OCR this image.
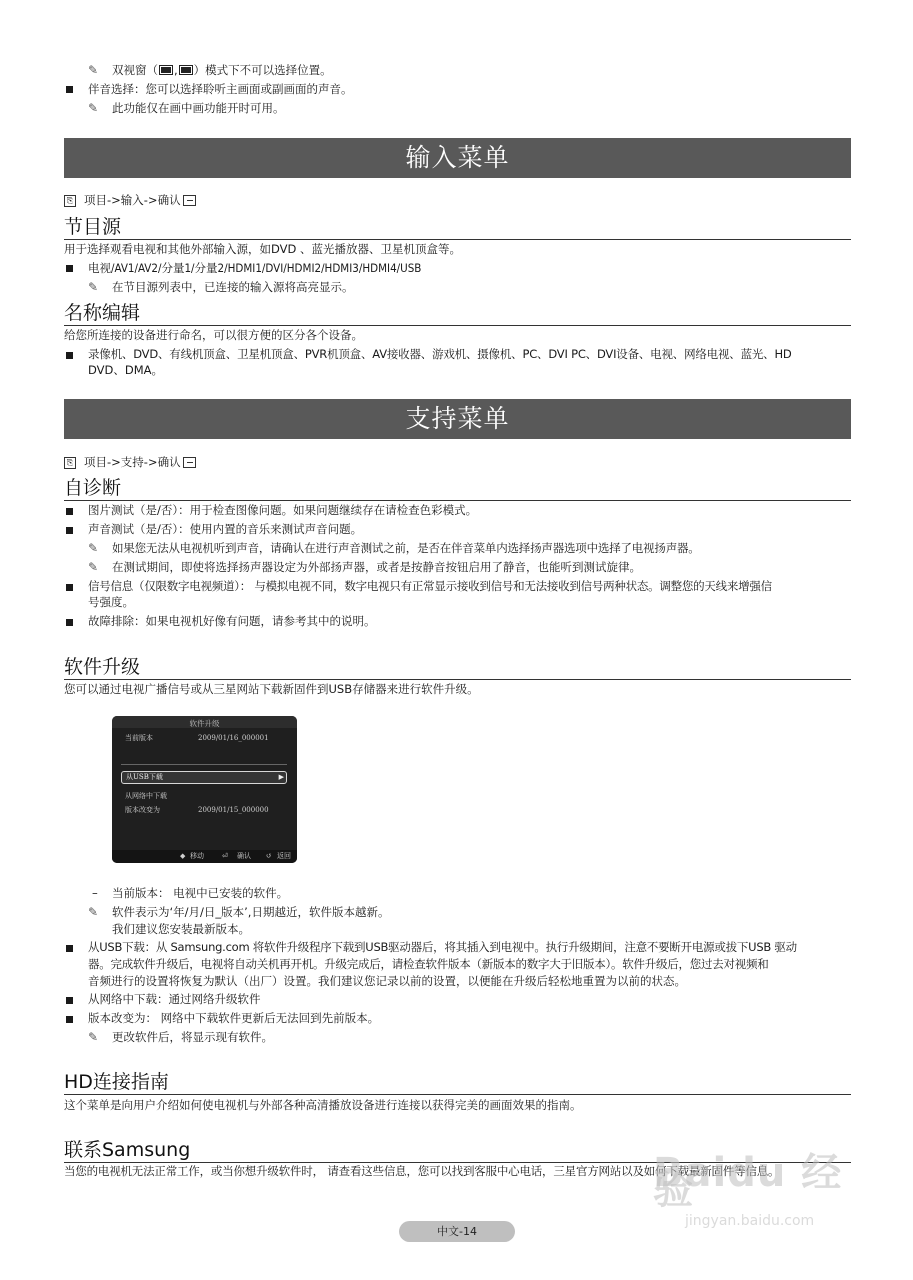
✎ 双视窗（ , ）模式下不可以选择位置。
伴音选择：您可以选择聆听主画面或副画面的声音。
✎ 此功能仅在画中画功能开时可用。
输入菜单
⎘ 项目->输入->确认
节目源
用于选择观看电视和其他外部输入源，如DVD 、蓝光播放器、卫星机顶盒等。
电视/AV1/AV2/分量1/分量2/HDMI1/DVI/HDMI2/HDMI3/HDMI4/USB
✎ 在节目源列表中，已连接的输入源将高亮显示。
名称编辑
给您所连接的设备进行命名，可以很方便的区分各个设备。
录像机、DVD、有线机顶盒、卫星机顶盒、PVR机顶盒、AV接收器、游戏机、摄像机、PC、DVI PC、DVI设备、电视、网络电视、蓝光、HD
DVD、DMA。
支持菜单
⎘ 项目->支持->确认
自诊断
图片测试（是/否）：用于检查图像问题。如果问题继续存在请检查色彩模式。
声音测试（是/否）：使用内置的音乐来测试声音问题。
✎ 如果您无法从电视机听到声音，请确认在进行声音测试之前，是否在伴音菜单内选择扬声器选项中选择了电视扬声器。
✎ 在测试期间，即使将选择扬声器设定为外部扬声器，或者是按静音按钮启用了静音，也能听到测试旋律。
信号信息（仅限数字电视频道）： 与模拟电视不同，数字电视只有正常显示接收到信号和无法接收到信号两种状态。调整您的天线来增强信
号强度。
故障排除：如果电视机好像有问题，请参考其中的说明。
软件升级
您可以通过电视广播信号或从三星网站下载新固件到USB存储器来进行软件升级。
软件升级
当前版本	2009/01/16_000001
从USB下载	▶
从网络中下载
版本改变为	2009/01/15_000000
◆ 移动	⏎ 确认 ↺ 返回
– 当前版本： 电视中已安装的软件。
✎ 软件表示为‘年/月/日_版本’,日期越近，软件版本越新。
我们建议您安装最新版本。
从USB下载：从 Samsung.com 将软件升级程序下载到USB驱动器后，将其插入到电视中。执行升级期间，注意不要断开电源或拔下USB 驱动
器。完成软件升级后，电视将自动关机再开机。升级完成后，请检查软件版本（新版本的数字大于旧版本）。软件升级后，您过去对视频和
音频进行的设置将恢复为默认（出厂）设置。我们建议您记录以前的设置，以便能在升级后轻松地重置为以前的状态。
从网络中下载：通过网络升级软件
版本改变为： 网络中下载软件更新后无法回到先前版本。
✎ 更改软件后，将显示现有软件。
HD连接指南
这个菜单是向用户介绍如何使电视机与外部各种高清播放设备进行连接以获得完美的画面效果的指南。
联系Samsung
当您的电视机无法正常工作，或当你想升级软件时， 请查看这些信息，您可以找到客服中心电话，三星官方网站以及如何下载最新固件等信息。
中文-14
Baidu 经验
jingyan.baidu.com
